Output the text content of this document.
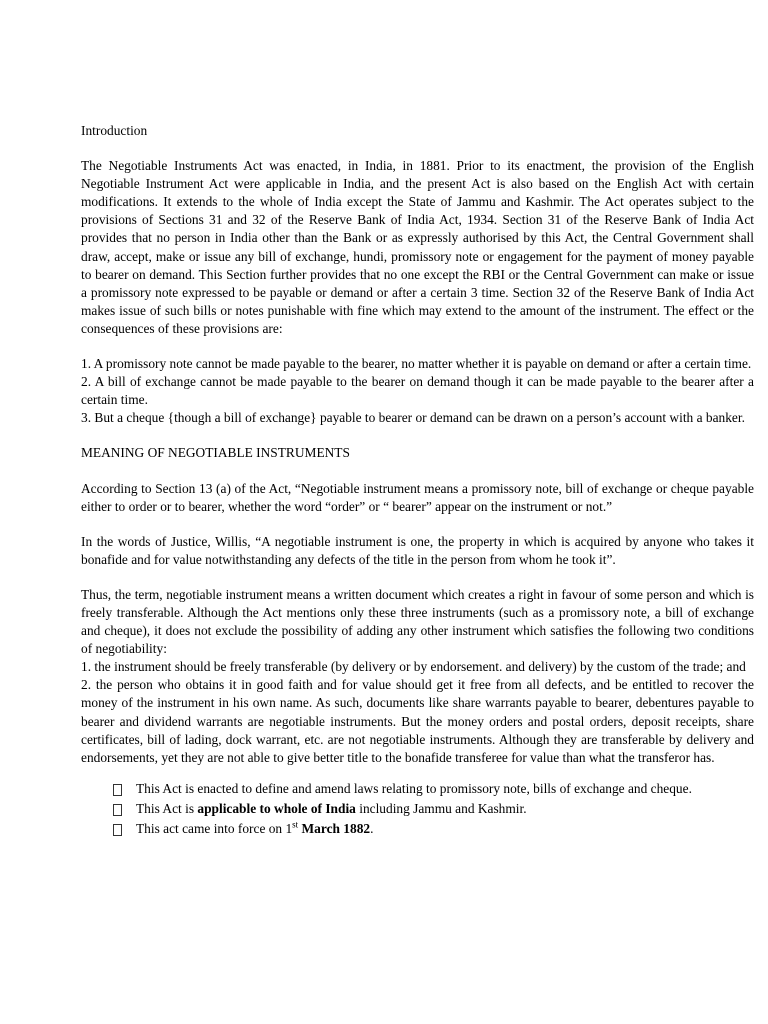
Introduction

The Negotiable Instruments Act was enacted, in India, in 1881. Prior to its enactment, the provision of the English Negotiable Instrument Act were applicable in India, and the present Act is also based on the English Act with certain modifications. It extends to the whole of India except the State of Jammu and Kashmir. The Act operates subject to the provisions of Sections 31 and 32 of the Reserve Bank of India Act, 1934. Section 31 of the Reserve Bank of India Act provides that no person in India other than the Bank or as expressly authorised by this Act, the Central Government shall draw, accept, make or issue any bill of exchange, hundi, promissory note or engagement for the payment of money payable to bearer on demand. This Section further provides that no one except the RBI or the Central Government can make or issue a promissory note expressed to be payable or demand or after a certain 3 time. Section 32 of the Reserve Bank of India Act makes issue of such bills or notes punishable with fine which may extend to the amount of the instrument. The effect or the consequences of these provisions are:

1. A promissory note cannot be made payable to the bearer, no matter whether it is payable on demand or after a certain time.

2. A bill of exchange cannot be made payable to the bearer on demand though it can be made payable to the bearer after a certain time.

3. But a cheque {though a bill of exchange} payable to bearer or demand can be drawn on a person’s account with a banker.

MEANING OF NEGOTIABLE INSTRUMENTS

According to Section 13 (a) of the Act, “Negotiable instrument means a promissory note, bill of exchange or cheque payable either to order or to bearer, whether the word “order” or “ bearer” appear on the instrument or not.”

In the words of Justice, Willis, “A negotiable instrument is one, the property in which is acquired by anyone who takes it bonafide and for value notwithstanding any defects of the title in the person from whom he took it”.

Thus, the term, negotiable instrument means a written document which creates a right in favour of some person and which is freely transferable. Although the Act mentions only these three instruments (such as a promissory note, a bill of exchange and cheque), it does not exclude the possibility of adding any other instrument which satisfies the following two conditions of negotiability:

1. the instrument should be freely transferable (by delivery or by endorsement. and delivery) by the custom of the trade; and

2. the person who obtains it in good faith and for value should get it free from all defects, and be entitled to recover the money of the instrument in his own name. As such, documents like share warrants payable to bearer, debentures payable to bearer and dividend warrants are negotiable instruments. But the money orders and postal orders, deposit receipts, share certificates, bill of lading, dock warrant, etc. are not negotiable instruments. Although they are transferable by delivery and endorsements, yet they are not able to give better title to the bonafide transferee for value than what the transferor has.

This Act is enacted to define and amend laws relating to promissory note, bills of exchange and cheque.
This Act is applicable to whole of India including Jammu and Kashmir.
This act came into force on 1st March 1882.
